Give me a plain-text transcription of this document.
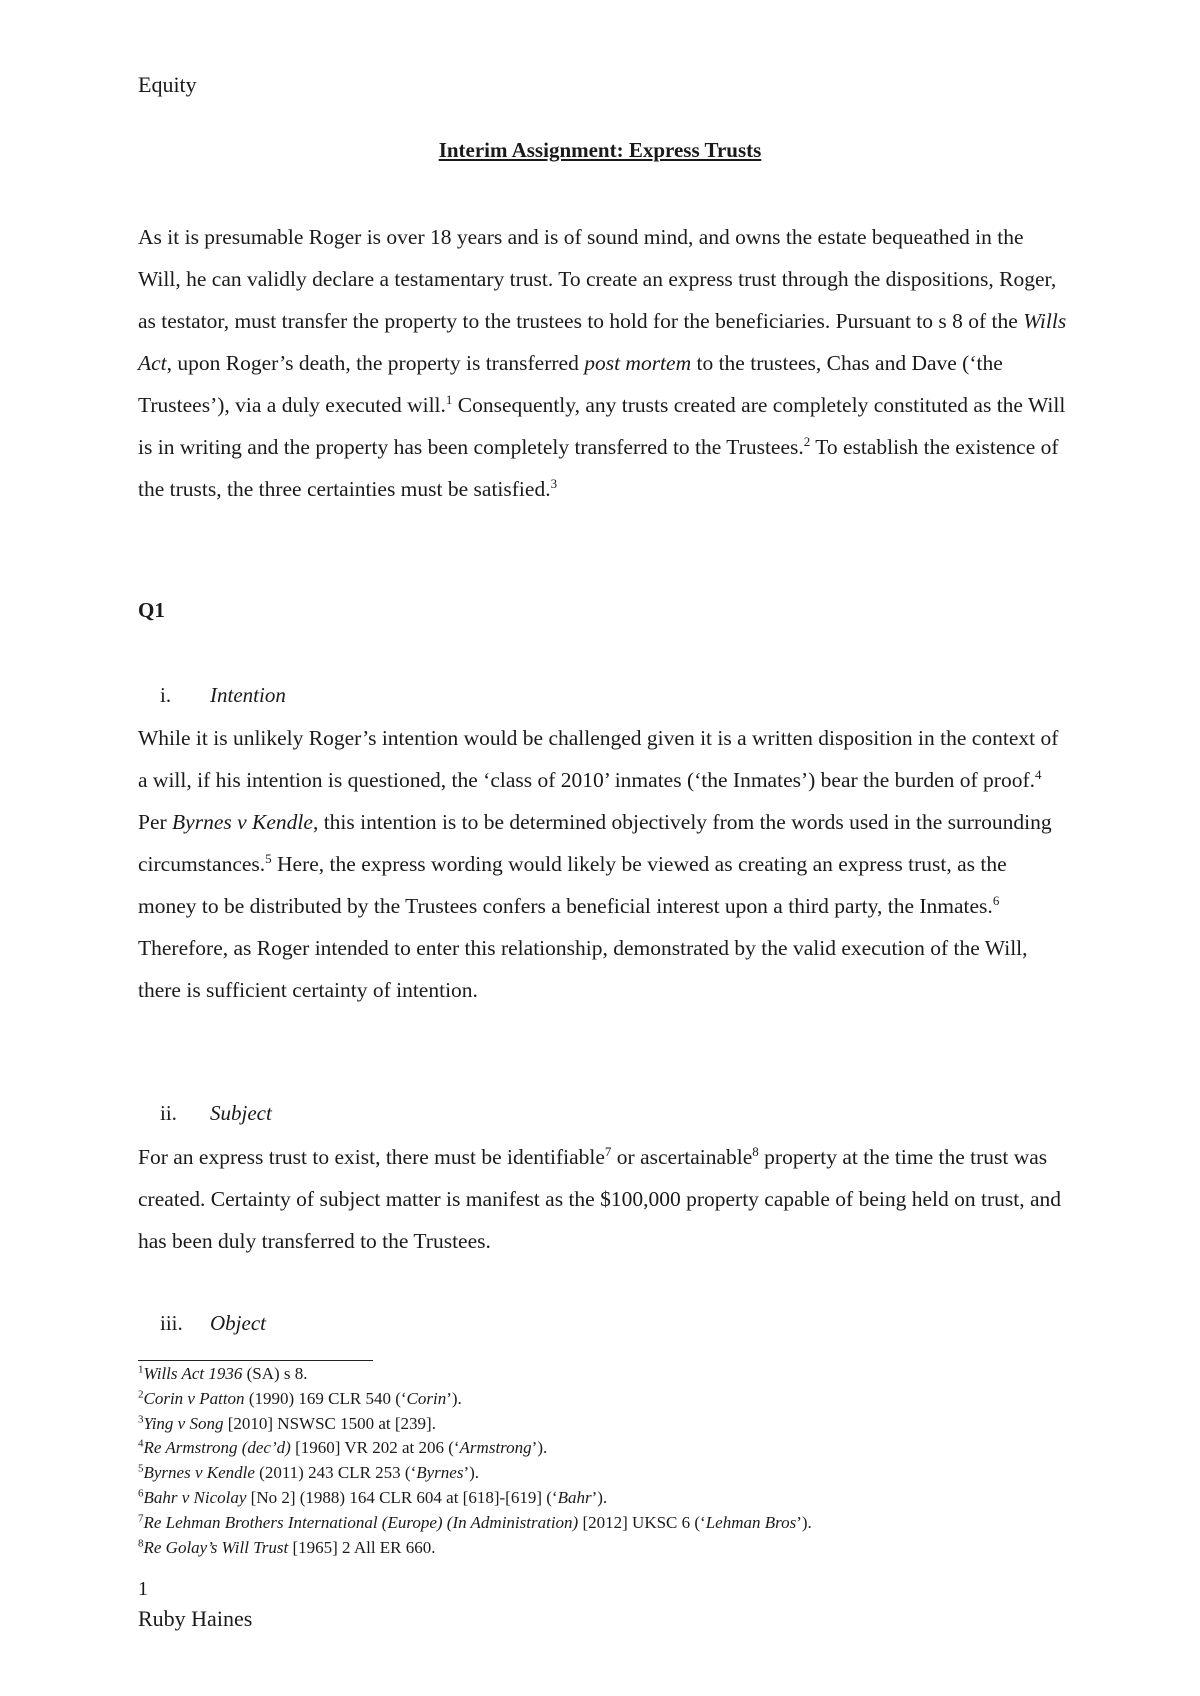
Equity
Interim Assignment: Express Trusts
As it is presumable Roger is over 18 years and is of sound mind, and owns the estate bequeathed in the Will, he can validly declare a testamentary trust. To create an express trust through the dispositions, Roger, as testator, must transfer the property to the trustees to hold for the beneficiaries. Pursuant to s 8 of the Wills Act, upon Roger’s death, the property is transferred post mortem to the trustees, Chas and Dave (‘the Trustees’), via a duly executed will.$^1$ Consequently, any trusts created are completely constituted as the Will is in writing and the property has been completely transferred to the Trustees.$^2$ To establish the existence of the trusts, the three certainties must be satisfied.$^3$
Q1
i. Intention
While it is unlikely Roger’s intention would be challenged given it is a written disposition in the context of a will, if his intention is questioned, the ‘class of 2010’ inmates (‘the Inmates’) bear the burden of proof.$^4$ Per Byrnes v Kendle, this intention is to be determined objectively from the words used in the surrounding circumstances.$^5$ Here, the express wording would likely be viewed as creating an express trust, as the money to be distributed by the Trustees confers a beneficial interest upon a third party, the Inmates.$^6$ Therefore, as Roger intended to enter this relationship, demonstrated by the valid execution of the Will, there is sufficient certainty of intention.
ii. Subject
For an express trust to exist, there must be identifiable$^7$ or ascertainable$^8$ property at the time the trust was created. Certainty of subject matter is manifest as the $100,000 property capable of being held on trust, and has been duly transferred to the Trustees.
iii. Object
$^1$Wills Act 1936 (SA) s 8.
$^2$Corin v Patton (1990) 169 CLR 540 (‘Corin’).
$^3$Ying v Song [2010] NSWSC 1500 at [239].
$^4$Re Armstrong (dec’d) [1960] VR 202 at 206 (‘Armstrong’).
$^5$Byrnes v Kendle (2011) 243 CLR 253 (‘Byrnes’).
$^6$Bahr v Nicolay [No 2] (1988) 164 CLR 604 at [618]-[619] (‘Bahr’).
$^7$Re Lehman Brothers International (Europe) (In Administration) [2012] UKSC 6 (‘Lehman Bros’).
$^8$Re Golay’s Will Trust [1965] 2 All ER 660.
1
Ruby Haines
